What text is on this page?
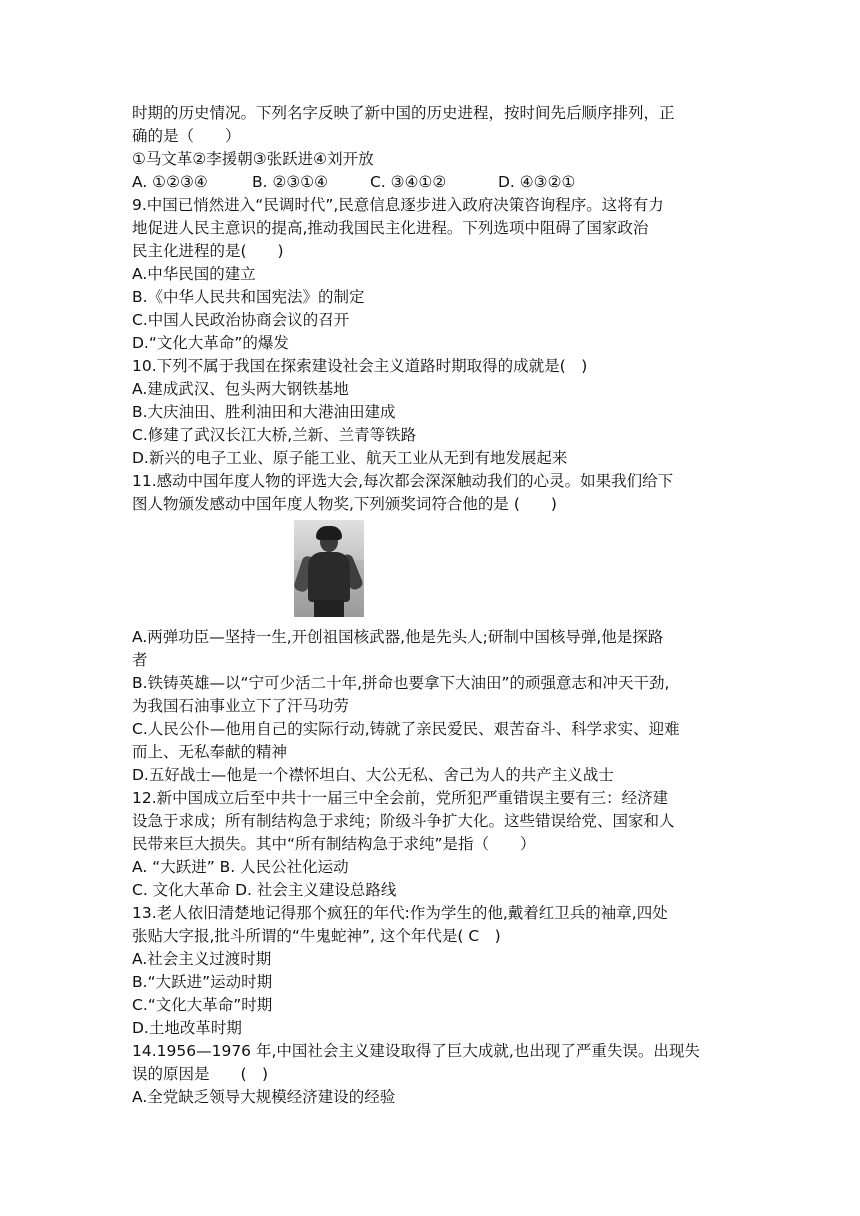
时期的历史情况。下列名字反映了新中国的历史进程，按时间先后顺序排列，正
确的是（　　）
①马文革②李援朝③张跃进④刘开放
A. ①②③④	B. ②③①④	C. ③④①②	D. ④③②①
9.中国已悄然进入“民调时代”,民意信息逐步进入政府决策咨询程序。这将有力
地促进人民主意识的提高,推动我国民主化进程。下列选项中阻碍了国家政治
民主化进程的是(　　)
A.中华民国的建立
B.《中华人民共和国宪法》的制定
C.中国人民政治协商会议的召开
D.“文化大革命”的爆发
10.下列不属于我国在探索建设社会主义道路时期取得的成就是(　)
A.建成武汉、包头两大钢铁基地
B.大庆油田、胜利油田和大港油田建成
C.修建了武汉长江大桥,兰新、兰青等铁路
D.新兴的电子工业、原子能工业、航天工业从无到有地发展起来
11.感动中国年度人物的评选大会,每次都会深深触动我们的心灵。如果我们给下
图人物颁发感动中国年度人物奖,下列颁奖词符合他的是 (　　)
A.两弹功臣—坚持一生,开创祖国核武器,他是先头人;研制中国核导弹,他是探路
者
B.铁铸英雄—以“宁可少活二十年,拼命也要拿下大油田”的顽强意志和冲天干劲,
为我国石油事业立下了汗马功劳
C.人民公仆—他用自己的实际行动,铸就了亲民爱民、艰苦奋斗、科学求实、迎难
而上、无私奉献的精神
D.五好战士—他是一个襟怀坦白、大公无私、舍己为人的共产主义战士
12.新中国成立后至中共十一届三中全会前，党所犯严重错误主要有三：经济建
设急于求成；所有制结构急于求纯；阶级斗争扩大化。这些错误给党、国家和人
民带来巨大损失。其中“所有制结构急于求纯”是指（　　）
A. “大跃进” B. 人民公社化运动
C. 文化大革命 D. 社会主义建设总路线
13.老人依旧清楚地记得那个疯狂的年代:作为学生的他,戴着红卫兵的袖章,四处
张贴大字报,批斗所谓的“牛鬼蛇神”, 这个年代是( C　)
A.社会主义过渡时期
B.“大跃进”运动时期
C.“文化大革命”时期
D.土地改革时期
14.1956—1976 年,中国社会主义建设取得了巨大成就,也出现了严重失误。出现失
误的原因是　　(　)
A.全党缺乏领导大规模经济建设的经验
